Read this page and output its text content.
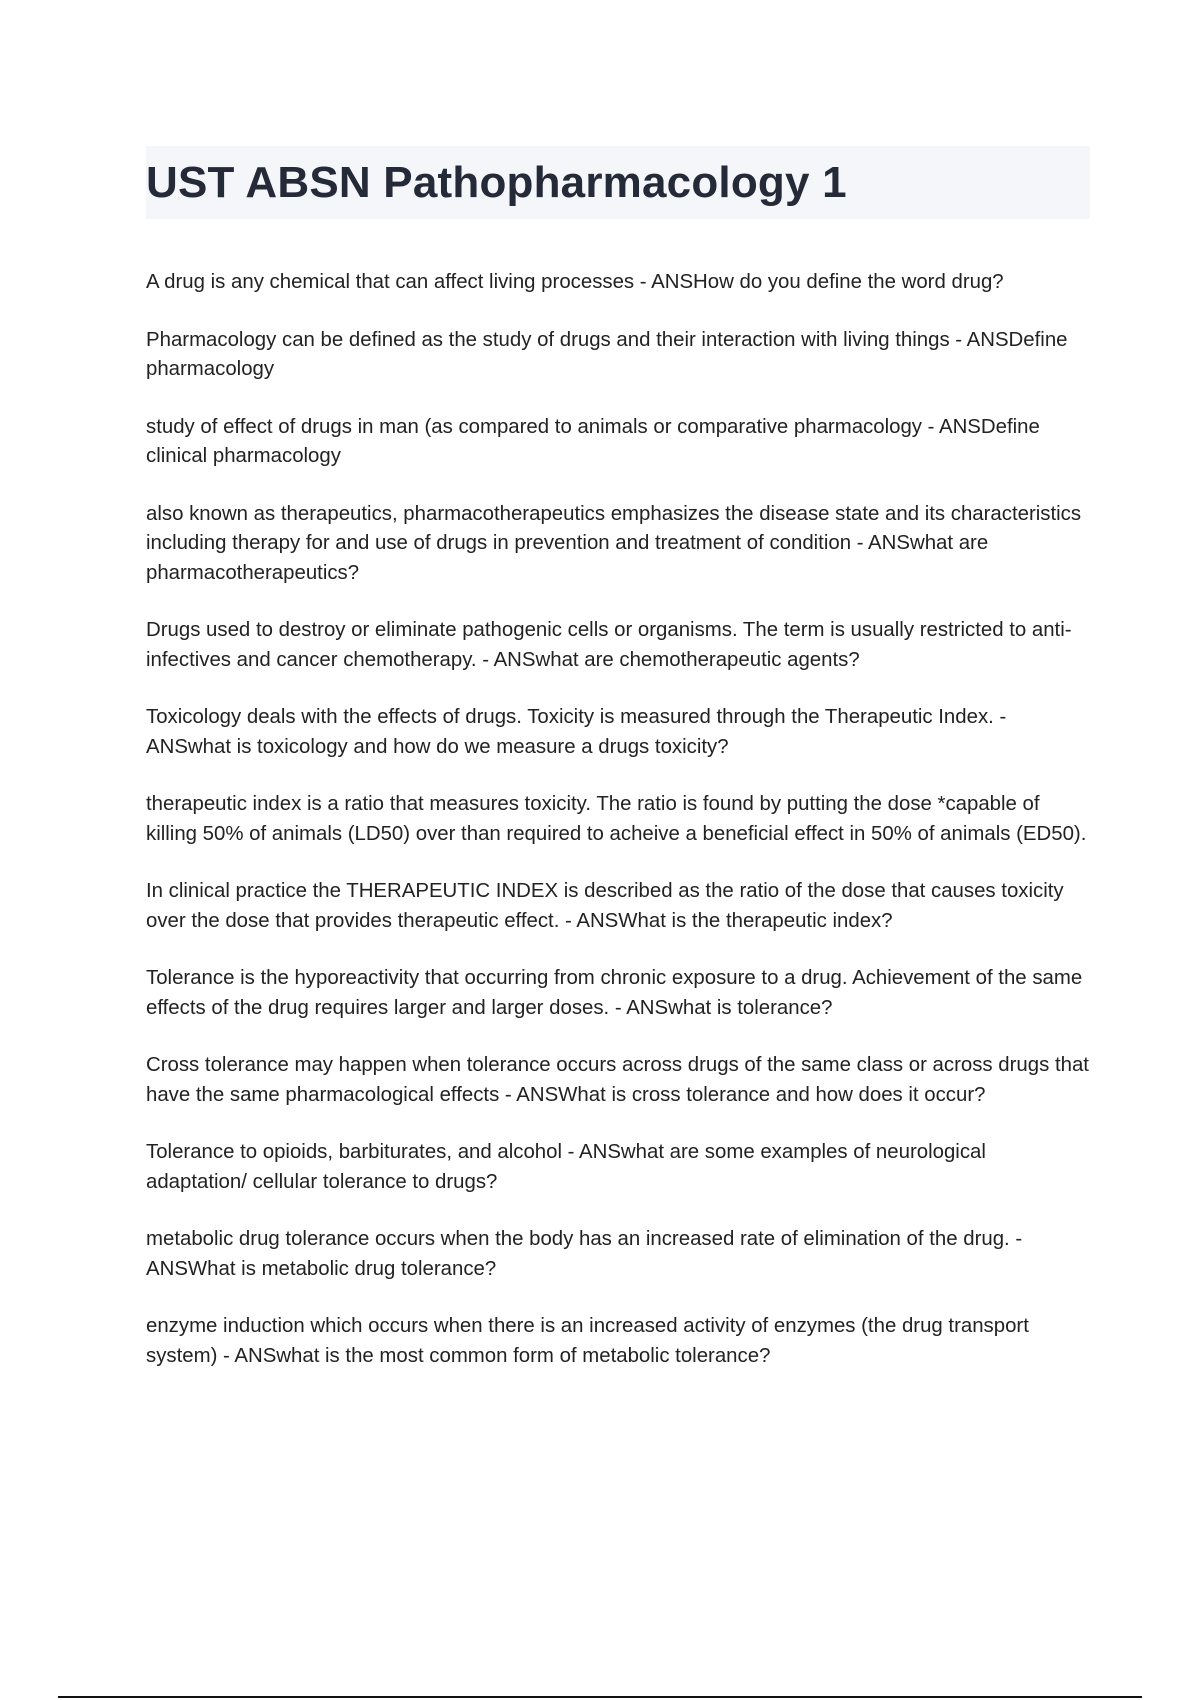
UST ABSN Pathopharmacology 1

A drug is any chemical that can affect living processes - ANSHow do you define the word drug?

Pharmacology can be defined as the study of drugs and their interaction with living things - ANSDefine pharmacology

study of effect of drugs in man (as compared to animals or comparative pharmacology - ANSDefine clinical pharmacology

also known as therapeutics, pharmacotherapeutics emphasizes the disease state and its characteristics including therapy for and use of drugs in prevention and treatment of condition - ANSwhat are pharmacotherapeutics?

Drugs used to destroy or eliminate pathogenic cells or organisms. The term is usually restricted to anti-infectives and cancer chemotherapy. - ANSwhat are chemotherapeutic agents?

Toxicology deals with the effects of drugs. Toxicity is measured through the Therapeutic Index. - ANSwhat is toxicology and how do we measure a drugs toxicity?

therapeutic index is a ratio that measures toxicity. The ratio is found by putting the dose *capable of killing 50% of animals (LD50) over than required to acheive a beneficial effect in 50% of animals (ED50).

In clinical practice the THERAPEUTIC INDEX is described as the ratio of the dose that causes toxicity over the dose that provides therapeutic effect. - ANSWhat is the therapeutic index?

Tolerance is the hyporeactivity that occurring from chronic exposure to a drug. Achievement of the same effects of the drug requires larger and larger doses. - ANSwhat is tolerance?

Cross tolerance may happen when tolerance occurs across drugs of the same class or across drugs that have the same pharmacological effects - ANSWhat is cross tolerance and how does it occur?

Tolerance to opioids, barbiturates, and alcohol - ANSwhat are some examples of neurological adaptation/ cellular tolerance to drugs?

metabolic drug tolerance occurs when the body has an increased rate of elimination of the drug. - ANSWhat is metabolic drug tolerance?

enzyme induction which occurs when there is an increased activity of enzymes (the drug transport system) - ANSwhat is the most common form of metabolic tolerance?
